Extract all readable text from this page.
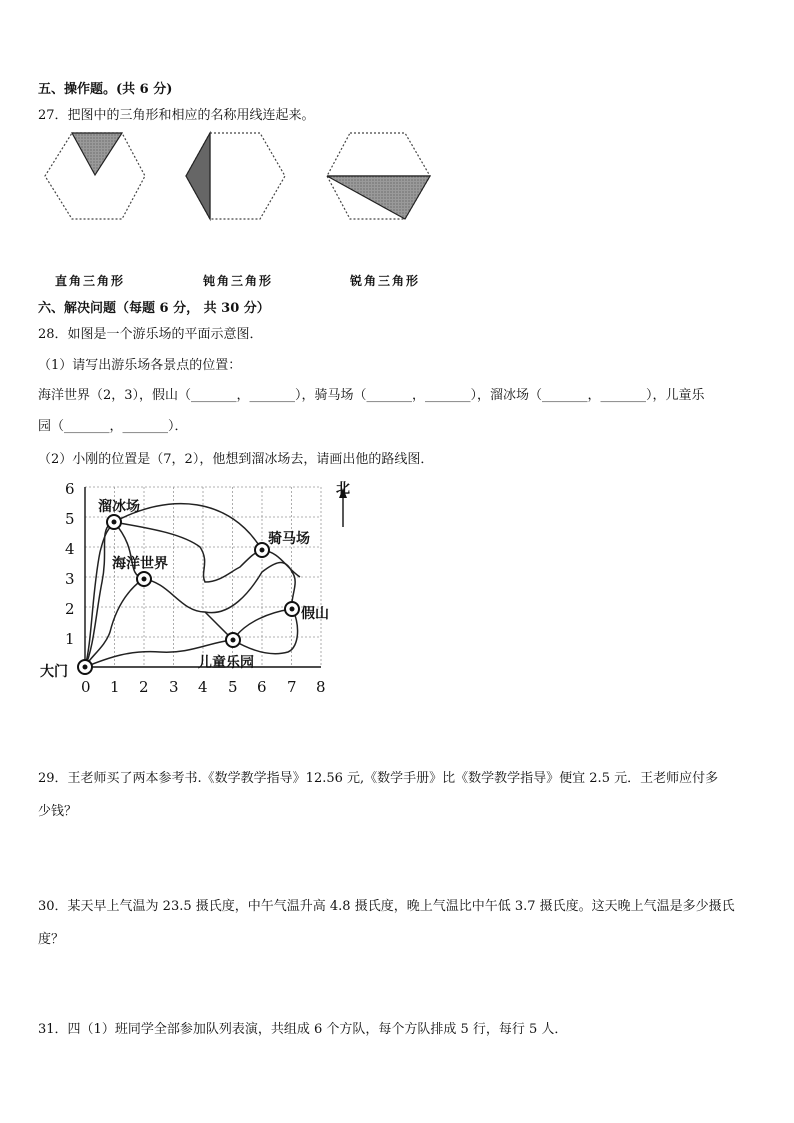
五、操作题。(共 6 分)
27．把图中的三角形和相应的名称用线连起来。
直角三角形	钝角三角形	锐角三角形
六、解决问题（每题 6 分， 共 30 分）
28．如图是一个游乐场的平面示意图．
（1）请写出游乐场各景点的位置：
海洋世界（2，3），假山（_______，_______），骑马场（_______，_______），溜冰场（_______，_______），儿童乐
园（_______，_______）．
（2）小刚的位置是（7，2），他想到溜冰场去，请画出他的路线图．
北
溜冰场
海洋世界
骑马场
假山
儿童乐园
大门
1
2
3
4
5
6
0 1 2 3 4 5 6 7 8
29．王老师买了两本参考书.《数学教学指导》12.56 元,《数学手册》比《数学教学指导》便宜 2.5 元．王老师应付多
少钱？
30．某天早上气温为 23.5 摄氏度，中午气温升高 4.8 摄氏度，晚上气温比中午低 3.7 摄氏度。这天晚上气温是多少摄氏
度？
31．四（1）班同学全部参加队列表演，共组成 6 个方队，每个方队排成 5 行，每行 5 人．
